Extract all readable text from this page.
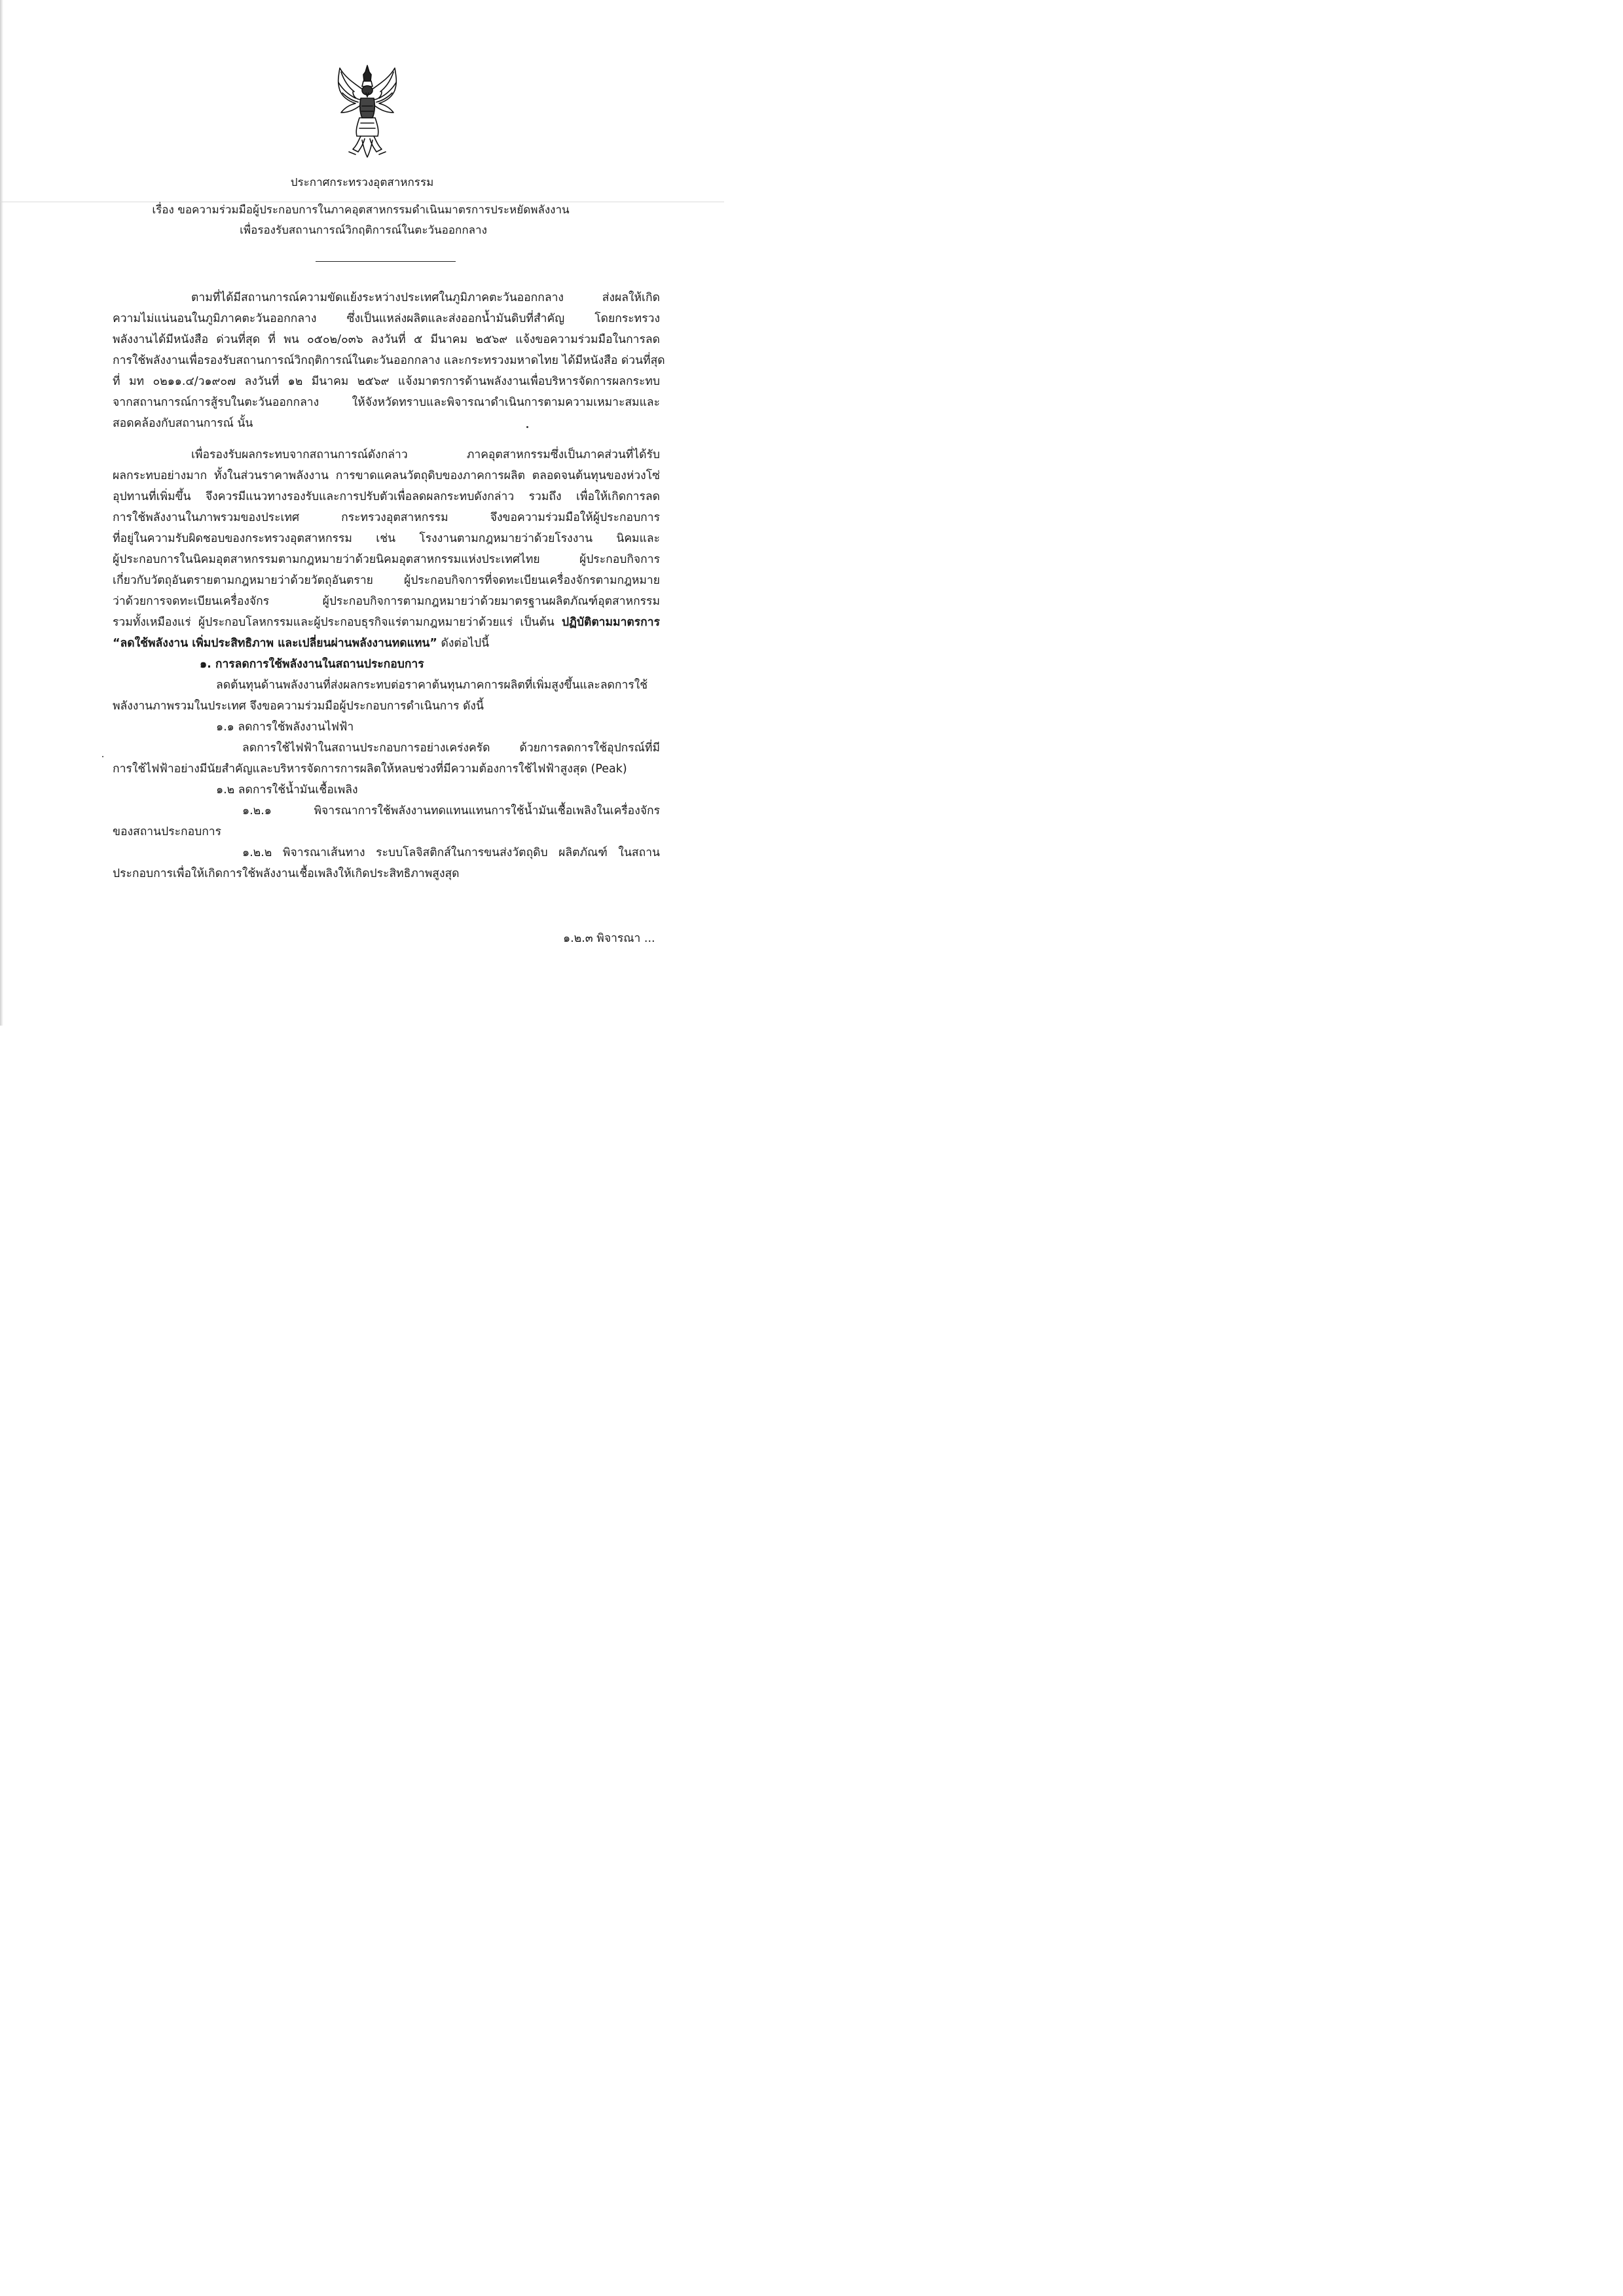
ประกาศกระทรวงอุตสาหกรรม
เรื่อง ขอความร่วมมือผู้ประกอบการในภาคอุตสาหกรรมดำเนินมาตรการประหยัดพลังงาน
เพื่อรองรับสถานการณ์วิกฤติการณ์ในตะวันออกกลาง
ตามที่ได้มีสถานการณ์ความขัดแย้งระหว่างประเทศในภูมิภาคตะวันออกกลาง ส่งผลให้เกิด
ความไม่แน่นอนในภูมิภาคตะวันออกกลาง ซึ่งเป็นแหล่งผลิตและส่งออกน้ำมันดิบที่สำคัญ โดยกระทรวง
พลังงานได้มีหนังสือ ด่วนที่สุด ที่ พน ๐๕๐๒/๐๓๖ ลงวันที่ ๕ มีนาคม ๒๕๖๙ แจ้งขอความร่วมมือในการลด
การใช้พลังงานเพื่อรองรับสถานการณ์วิกฤติการณ์ในตะวันออกกลาง และกระทรวงมหาดไทย ได้มีหนังสือ ด่วนที่สุด
ที่ มท ๐๒๑๑.๔/ว๑๙๐๗ ลงวันที่ ๑๒ มีนาคม ๒๕๖๙ แจ้งมาตรการด้านพลังงานเพื่อบริหารจัดการผลกระทบ
จากสถานการณ์การสู้รบในตะวันออกกลาง ให้จังหวัดทราบและพิจารณาดำเนินการตามความเหมาะสมและ
สอดคล้องกับสถานการณ์ นั้น
เพื่อรองรับผลกระทบจากสถานการณ์ดังกล่าว ภาคอุตสาหกรรมซึ่งเป็นภาคส่วนที่ได้รับ
ผลกระทบอย่างมาก ทั้งในส่วนราคาพลังงาน การขาดแคลนวัตถุดิบของภาคการผลิต ตลอดจนต้นทุนของห่วงโซ่
อุปทานที่เพิ่มขึ้น จึงควรมีแนวทางรองรับและการปรับตัวเพื่อลดผลกระทบดังกล่าว รวมถึง เพื่อให้เกิดการลด
การใช้พลังงานในภาพรวมของประเทศ กระทรวงอุตสาหกรรม จึงขอความร่วมมือให้ผู้ประกอบการ
ที่อยู่ในความรับผิดชอบของกระทรวงอุตสาหกรรม เช่น โรงงานตามกฎหมายว่าด้วยโรงงาน นิคมและ
ผู้ประกอบการในนิคมอุตสาหกรรมตามกฎหมายว่าด้วยนิคมอุตสาหกรรมแห่งประเทศไทย ผู้ประกอบกิจการ
เกี่ยวกับวัตถุอันตรายตามกฎหมายว่าด้วยวัตถุอันตราย ผู้ประกอบกิจการที่จดทะเบียนเครื่องจักรตามกฎหมาย
ว่าด้วยการจดทะเบียนเครื่องจักร ผู้ประกอบกิจการตามกฎหมายว่าด้วยมาตรฐานผลิตภัณฑ์อุตสาหกรรม
รวมทั้งเหมืองแร่ ผู้ประกอบโลหกรรมและผู้ประกอบธุรกิจแร่ตามกฎหมายว่าด้วยแร่ เป็นต้น ปฏิบัติตามมาตรการ
“ลดใช้พลังงาน เพิ่มประสิทธิภาพ และเปลี่ยนผ่านพลังงานทดแทน” ดังต่อไปนี้
๑. การลดการใช้พลังงานในสถานประกอบการ
ลดต้นทุนด้านพลังงานที่ส่งผลกระทบต่อราคาต้นทุนภาคการผลิตที่เพิ่มสูงขึ้นและลดการใช้
พลังงานภาพรวมในประเทศ จึงขอความร่วมมือผู้ประกอบการดำเนินการ ดังนี้
๑.๑ ลดการใช้พลังงานไฟฟ้า
ลดการใช้ไฟฟ้าในสถานประกอบการอย่างเคร่งครัด ด้วยการลดการใช้อุปกรณ์ที่มี
การใช้ไฟฟ้าอย่างมีนัยสำคัญและบริหารจัดการการผลิตให้หลบช่วงที่มีความต้องการใช้ไฟฟ้าสูงสุด (Peak)
๑.๒ ลดการใช้น้ำมันเชื้อเพลิง
๑.๒.๑ พิจารณาการใช้พลังงานทดแทนแทนการใช้น้ำมันเชื้อเพลิงในเครื่องจักร
ของสถานประกอบการ
๑.๒.๒ พิจารณาเส้นทาง ระบบโลจิสติกส์ในการขนส่งวัตถุดิบ ผลิตภัณฑ์ ในสถาน
ประกอบการเพื่อให้เกิดการใช้พลังงานเชื้อเพลิงให้เกิดประสิทธิภาพสูงสุด
๑.๒.๓ พิจารณา ...
